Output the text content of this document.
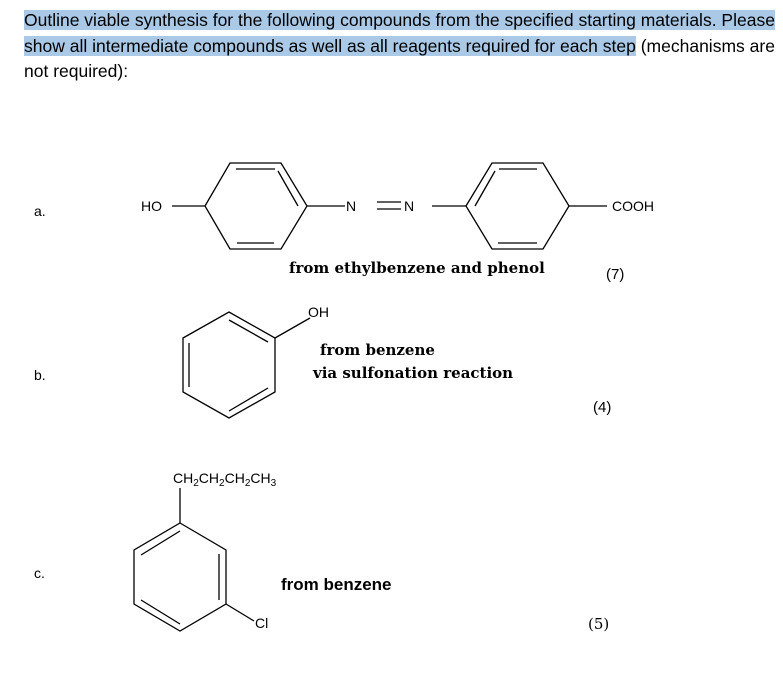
Outline viable synthesis for the following compounds from the specified starting materials. Please show all intermediate compounds as well as all reagents required for each step (mechanisms are not required):
a.	HO	N	N	COOH
from ethylbenzene and phenol	(7)
b.
OH
from benzene
via sulfonation reaction
(4)
c.
$CH_2CH_2CH_2CH_3$
Cl
from benzene
(5)
